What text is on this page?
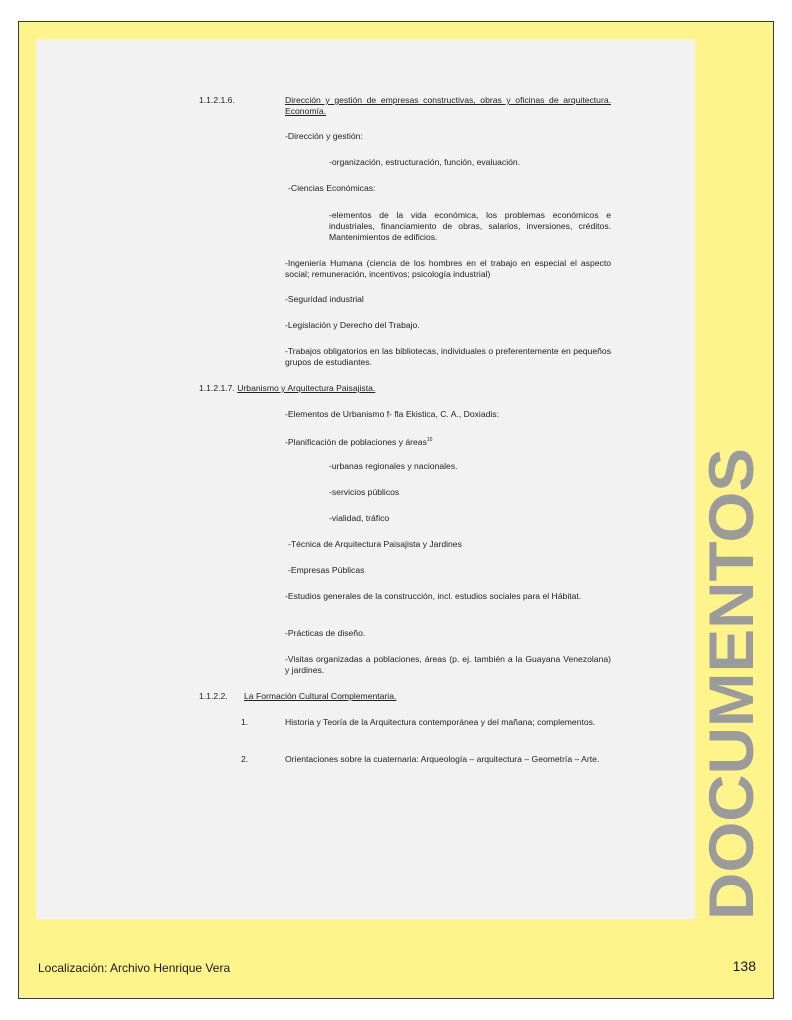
DOCUMENTOS
1.1.2.1.6.	Dirección y gestión de empresas constructivas, obras y oficinas de arquitectura. Economía.
-Dirección y gestión:
-organización, estructuración, función, evaluación.
-Ciencias Económicas:
-elementos de la vida económica, los problemas económicos e industriales, financiamiento de obras, salarios, inversiones, créditos. Mantenimientos de edificios.
-Ingeniería Humana (ciencia de los hombres en el trabajo en especial el aspecto social; remuneración, incentivos; psicología industrial)
-Seguridad industrial
-Legislación y Derecho del Trabajo.
-Trabajos obligatorios en las bibliotecas, individuales o preferentemente en pequeños grupos de estudiantes.
1.1.2.1.7. Urbanismo y Arquitectura Paisajista.
-Elementos de Urbanismo f- fla Ekistica, C. A., Doxiadis:
-Planificación de poblaciones y áreas$^{10}$
-urbanas regionales y nacionales.
-servicios públicos
-vialidad, tráfico
-Técnica de Arquitectura Paisajista y Jardines
-Empresas Públicas
-Estudios generales de la construcción, incl. estudios sociales para el Hábitat.
-Prácticas de diseño.
-Visitas organizadas a poblaciones, áreas (p. ej. también a la Guayana Venezolana) y jardines.
1.1.2.2. La Formación Cultural Complementaria.
1.	Historia y Teoría de la Arquitectura contemporánea y del mañana; complementos.
2.	Orientaciones sobre la cuaternaria: Arqueología – arquitectura – Geometría – Arte.
Localización: Archivo Henrique Vera	138
